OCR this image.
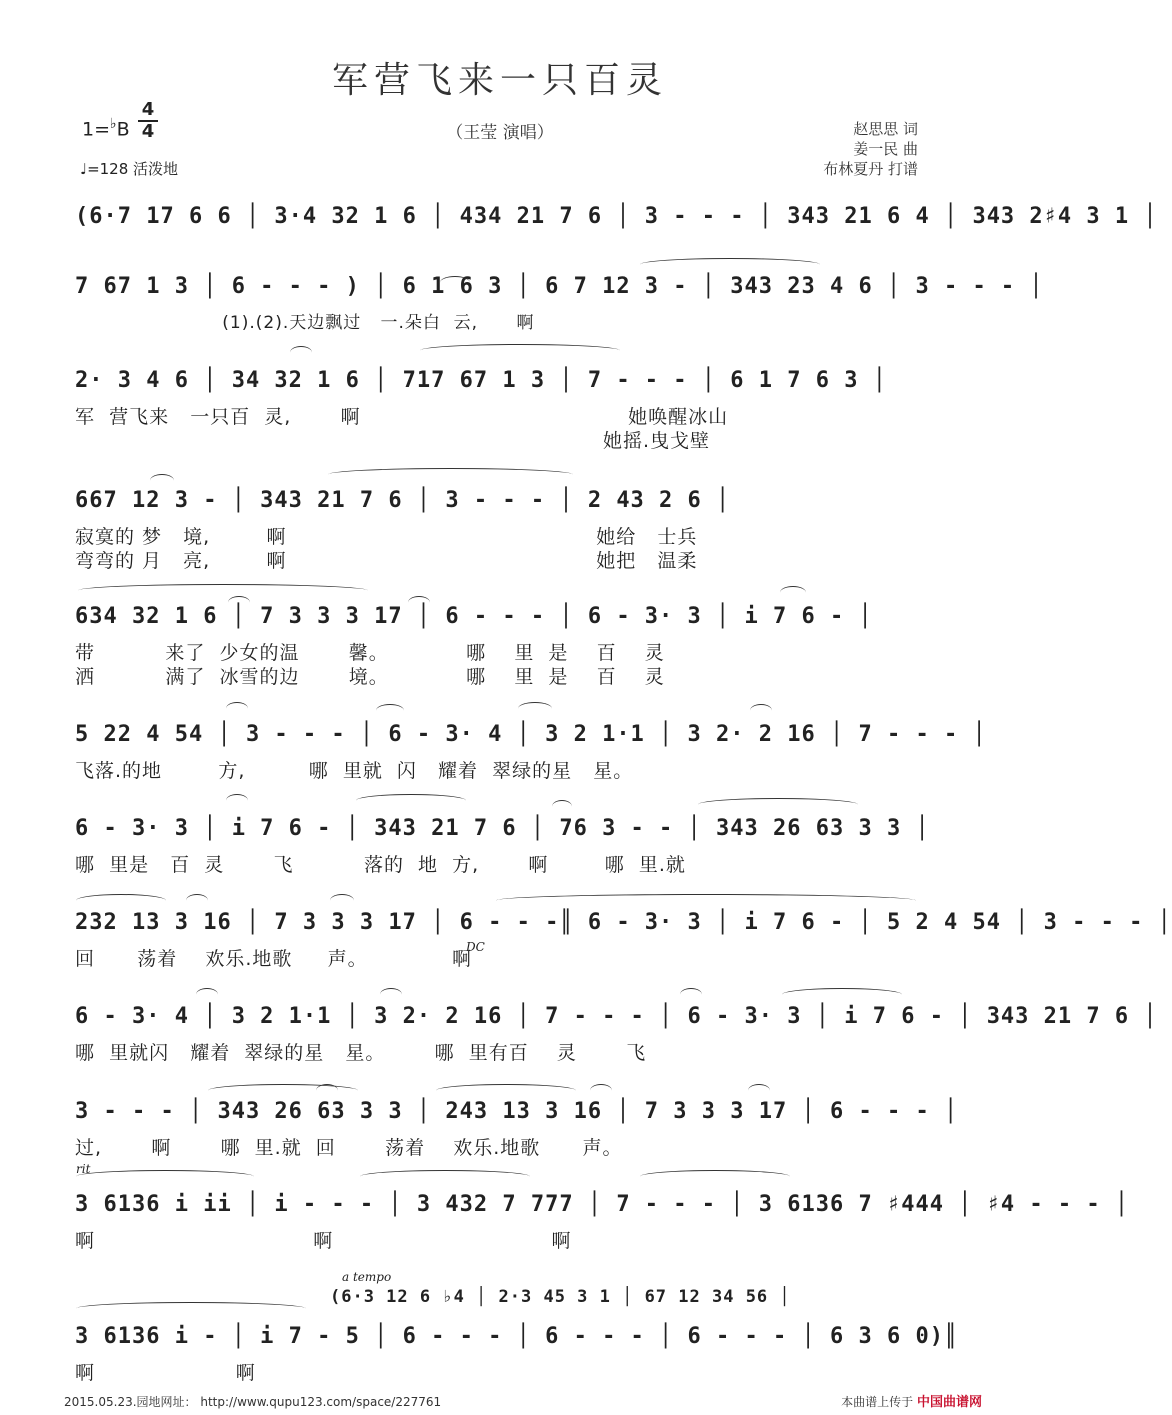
军营飞来一只百灵
（王莹 演唱）
1=♭B
4
4
♩=128 活泼地
赵思思 词
姜一民 曲
布林夏丹 打谱
(6·7 17 6 6 │ 3·4 32 1 6 │ 434 21 7 6 │ 3 - - - │ 343 21 6 4 │ 343 2♯4 3 1 │
7 67 1 3 │ 6 - - - ) │ 6 1 6 3 │ 6 7 12 3 - │ 343 23 4 6 │ 3 - - - │
(1).(2).天边飘过   一.朵白  云,      啊
2· 3 4 6 │ 34 32 1 6 │ 717 67 1 3 │ 7 - - - │ 6 1 7 6 3 │
军  营飞来   一只百  灵,       啊                                      她唤醒冰山
她摇.曳戈壁
667 12 3 - │ 343 21 7 6 │ 3 - - - │ 2 43 2 6 │
寂寞的 梦   境,        啊                                            她给   士兵
弯弯的 月   亮,        啊                                            她把   温柔
634 32 1 6 │ 7 3 3 3 17 │ 6 - - - │ 6 - 3· 3 │ i 7 6 - │
带          来了  少女的温       馨。           哪    里  是    百    灵
洒          满了  冰雪的边       境。           哪    里  是    百    灵
5 22 4 54 │ 3 - - - │ 6 - 3· 4 │ 3 2 1·1 │ 3 2· 2 16 │ 7 - - - │
飞落.的地        方,         哪  里就  闪   耀着  翠绿的星   星。
6 - 3· 3 │ i 7 6 - │ 343 21 7 6 │ 76 3 - - │ 343 26 63 3 3 │
哪  里是   百  灵       飞          落的  地  方,       啊        哪  里.就
232 13 3 16 │ 7 3 3 3 17 │ 6 - - -║ 6 - 3· 3 │ i 7 6 - │ 5 2 4 54 │ 3 - - - │
回      荡着    欢乐.地歌     声。            啊
6 - 3· 4 │ 3 2 1·1 │ 3 2· 2 16 │ 7 - - - │ 6 - 3· 3 │ i 7 6 - │ 343 21 7 6 │
哪  里就闪   耀着  翠绿的星   星。       哪  里有百    灵       飞
3 - - - │ 343 26 63 3 3 │ 243 13 3 16 │ 7 3 3 3 17 │ 6 - - - │
过,       啊       哪  里.就  回       荡着    欢乐.地歌      声。
3 6136 i ii │ i - - - │ 3 432 7 777 │ 7 - - - │ 3 6136 7 ♯444 │ ♯4 - - - │
啊                               啊                               啊
(6·3 12 6 ♭4 │ 2·3 45 3 1 │ 67 12 34 56 │
3 6136 i - │ i 7 - 5 │ 6 - - - │ 6 - - - │ 6 - - - │ 6 3 6 0)║
啊                    啊
DC
rit
a tempo
2015.05.23.园地网址： http://www.qupu123.com/space/227761	本曲谱上传于 中国曲谱网
